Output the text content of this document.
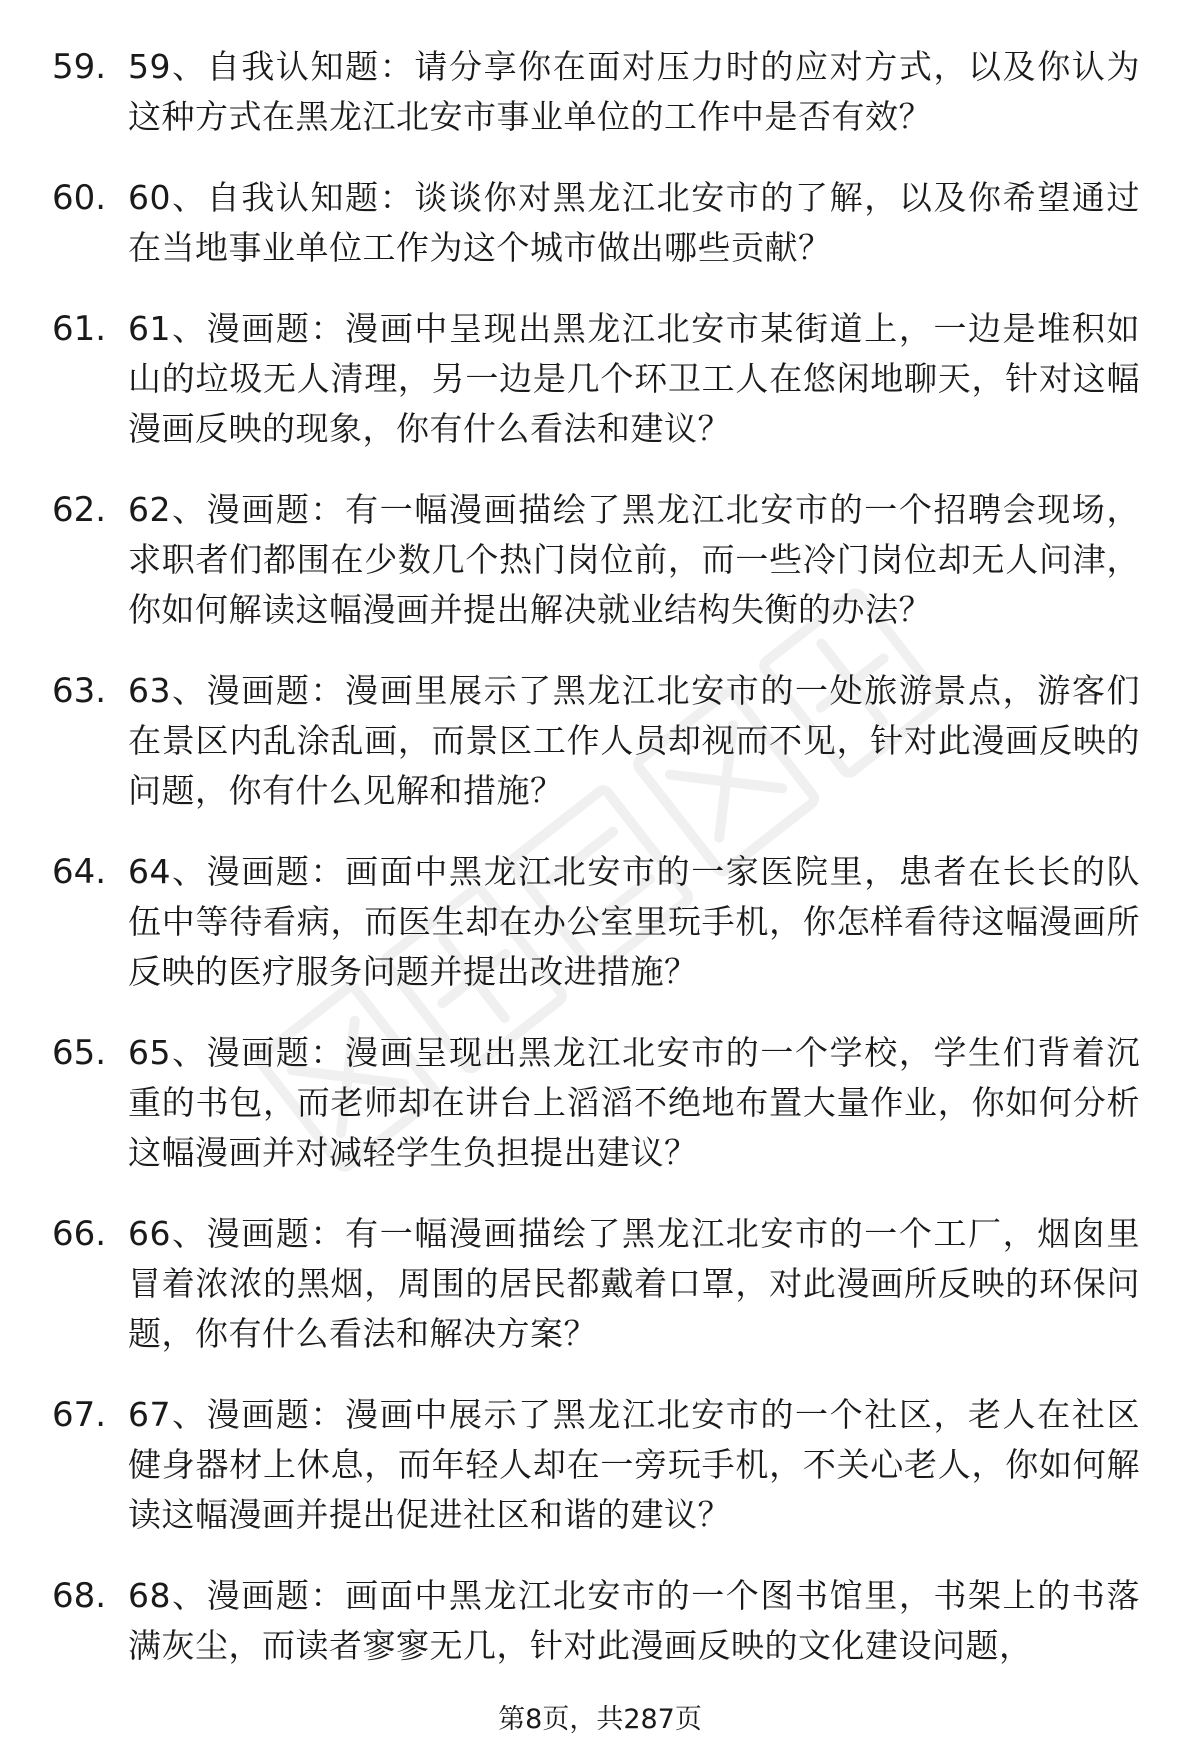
59. 59、自我认知题：请分享你在面对压力时的应对方式，以及你认为这种方式在黑龙江北安市事业单位的工作中是否有效？
60. 60、自我认知题：谈谈你对黑龙江北安市的了解，以及你希望通过在当地事业单位工作为这个城市做出哪些贡献？
61. 61、漫画题：漫画中呈现出黑龙江北安市某街道上，一边是堆积如山的垃圾无人清理，另一边是几个环卫工人在悠闲地聊天，针对这幅漫画反映的现象，你有什么看法和建议？
62. 62、漫画题：有一幅漫画描绘了黑龙江北安市的一个招聘会现场，求职者们都围在少数几个热门岗位前，而一些冷门岗位却无人问津，你如何解读这幅漫画并提出解决就业结构失衡的办法？
63. 63、漫画题：漫画里展示了黑龙江北安市的一处旅游景点，游客们在景区内乱涂乱画，而景区工作人员却视而不见，针对此漫画反映的问题，你有什么见解和措施？
64. 64、漫画题：画面中黑龙江北安市的一家医院里，患者在长长的队伍中等待看病，而医生却在办公室里玩手机，你怎样看待这幅漫画所反映的医疗服务问题并提出改进措施？
65. 65、漫画题：漫画呈现出黑龙江北安市的一个学校，学生们背着沉重的书包，而老师却在讲台上滔滔不绝地布置大量作业，你如何分析这幅漫画并对减轻学生负担提出建议？
66. 66、漫画题：有一幅漫画描绘了黑龙江北安市的一个工厂，烟囱里冒着浓浓的黑烟，周围的居民都戴着口罩，对此漫画所反映的环保问题，你有什么看法和解决方案？
67. 67、漫画题：漫画中展示了黑龙江北安市的一个社区，老人在社区健身器材上休息，而年轻人却在一旁玩手机，不关心老人，你如何解读这幅漫画并提出促进社区和谐的建议？
68. 68、漫画题：画面中黑龙江北安市的一个图书馆里，书架上的书落满灰尘，而读者寥寥无几，针对此漫画反映的文化建设问题，
第8页，共287页
